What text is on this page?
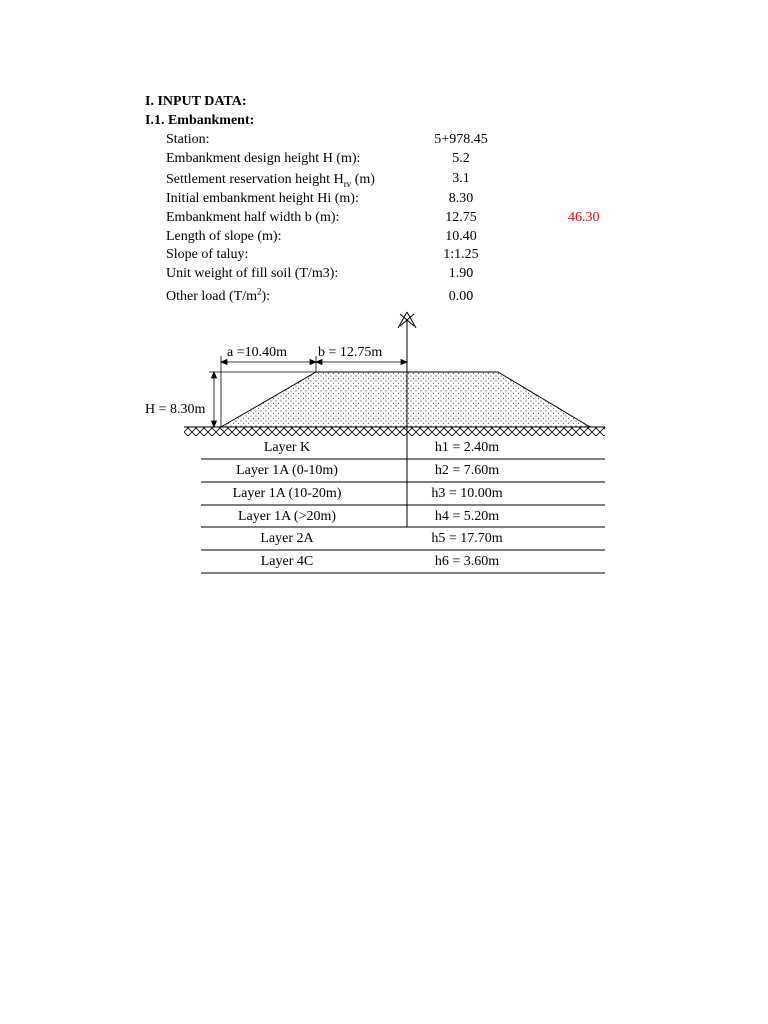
I. INPUT DATA:
I.1. Embankment:
Station:	5+978.45
Embankment design height H (m):	5.2
Settlement reservation height $H_{rv}$ (m)	3.1
Initial embankment height Hi (m):	8.30
Embankment half width b (m):	12.75	46.30
Length of slope (m):	10.40
Slope of taluy:	1:1.25
Unit weight of fill soil (T/m3):	1.90
Other load $(T/m^2)$:	0.00
a =10.40m b = 12.75m
H = 8.30m
Layer K	h1 = 2.40m
Layer 1A (0-10m)	h2 = 7.60m
Layer 1A (10-20m)	h3 = 10.00m
Layer 1A (>20m)	h4 = 5.20m
Layer 2A	h5 = 17.70m
Layer 4C	h6 = 3.60m
